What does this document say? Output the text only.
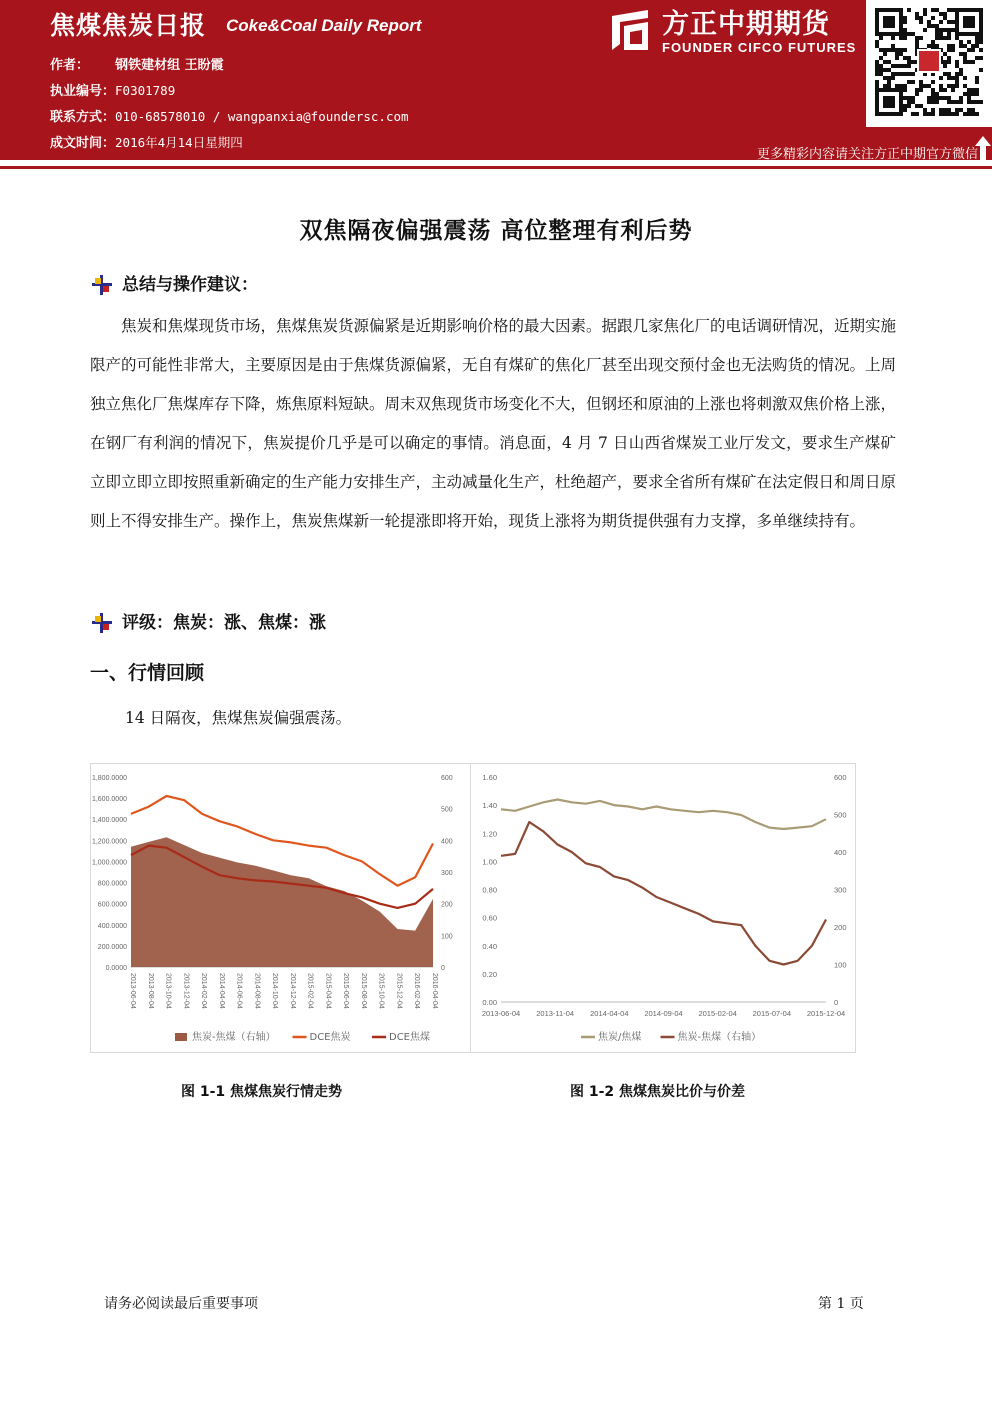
焦煤焦炭日报 Coke&Coal Daily Report
作者： 钢铁建材组 王盼霞
执业编号：F0301789
联系方式：010-68578010 / wangpanxia@foundersc.com
成文时间：2016年4月14日星期四
方正中期期货
FOUNDER CIFCO FUTURES
更多精彩内容请关注方正中期官方微信
双焦隔夜偏强震荡 高位整理有利后势
总结与操作建议：
焦炭和焦煤现货市场，焦煤焦炭货源偏紧是近期影响价格的最大因素。据跟几家焦化厂的电话调研情况，近期实施限产的可能性非常大，主要原因是由于焦煤货源偏紧，无自有煤矿的焦化厂甚至出现交预付金也无法购货的情况。上周独立焦化厂焦煤库存下降，炼焦原料短缺。周末双焦现货市场变化不大，但钢坯和原油的上涨也将刺激双焦价格上涨，在钢厂有利润的情况下，焦炭提价几乎是可以确定的事情。消息面，4 月 7 日山西省煤炭工业厅发文，要求生产煤矿立即立即立即按照重新确定的生产能力安排生产，主动减量化生产，杜绝超产，要求全省所有煤矿在法定假日和周日原则上不得安排生产。操作上，焦炭焦煤新一轮提涨即将开始，现货上涨将为期货提供强有力支撑，多单继续持有。
评级：焦炭：涨、焦煤：涨
一、行情回顾
14 日隔夜，焦煤焦炭偏强震荡。
0.0000
200.0000
400.0000
600.0000
800.0000
1,000.0000
1,200.0000
1,400.0000
1,600.0000
1,800.0000
0
100
200
300
400
500
600
2013-06-04 2013-08-04 2013-10-04 2013-12-04 2014-02-04 2014-04-04 2014-06-04 2014-08-04 2014-10-04 2014-12-04 2015-02-04 2015-04-04 2015-06-04 2015-08-04 2015-10-04 2015-12-04 2016-02-04 2016-04-04
焦炭-焦煤（右轴）	DCE焦炭	DCE焦煤
0.00
0.20
0.40
0.60
0.80
1.00
1.20
1.40
1.60
0
100
200
300
400
500
600
2013-06-04 2013-11-04 2014-04-04 2014-09-04 2015-02-04 2015-07-04 2015-12-04
焦炭/焦煤	焦炭-焦煤（右轴）
图 1-1 焦煤焦炭行情走势	图 1-2 焦煤焦炭比价与价差
请务必阅读最后重要事项	第 1 页
